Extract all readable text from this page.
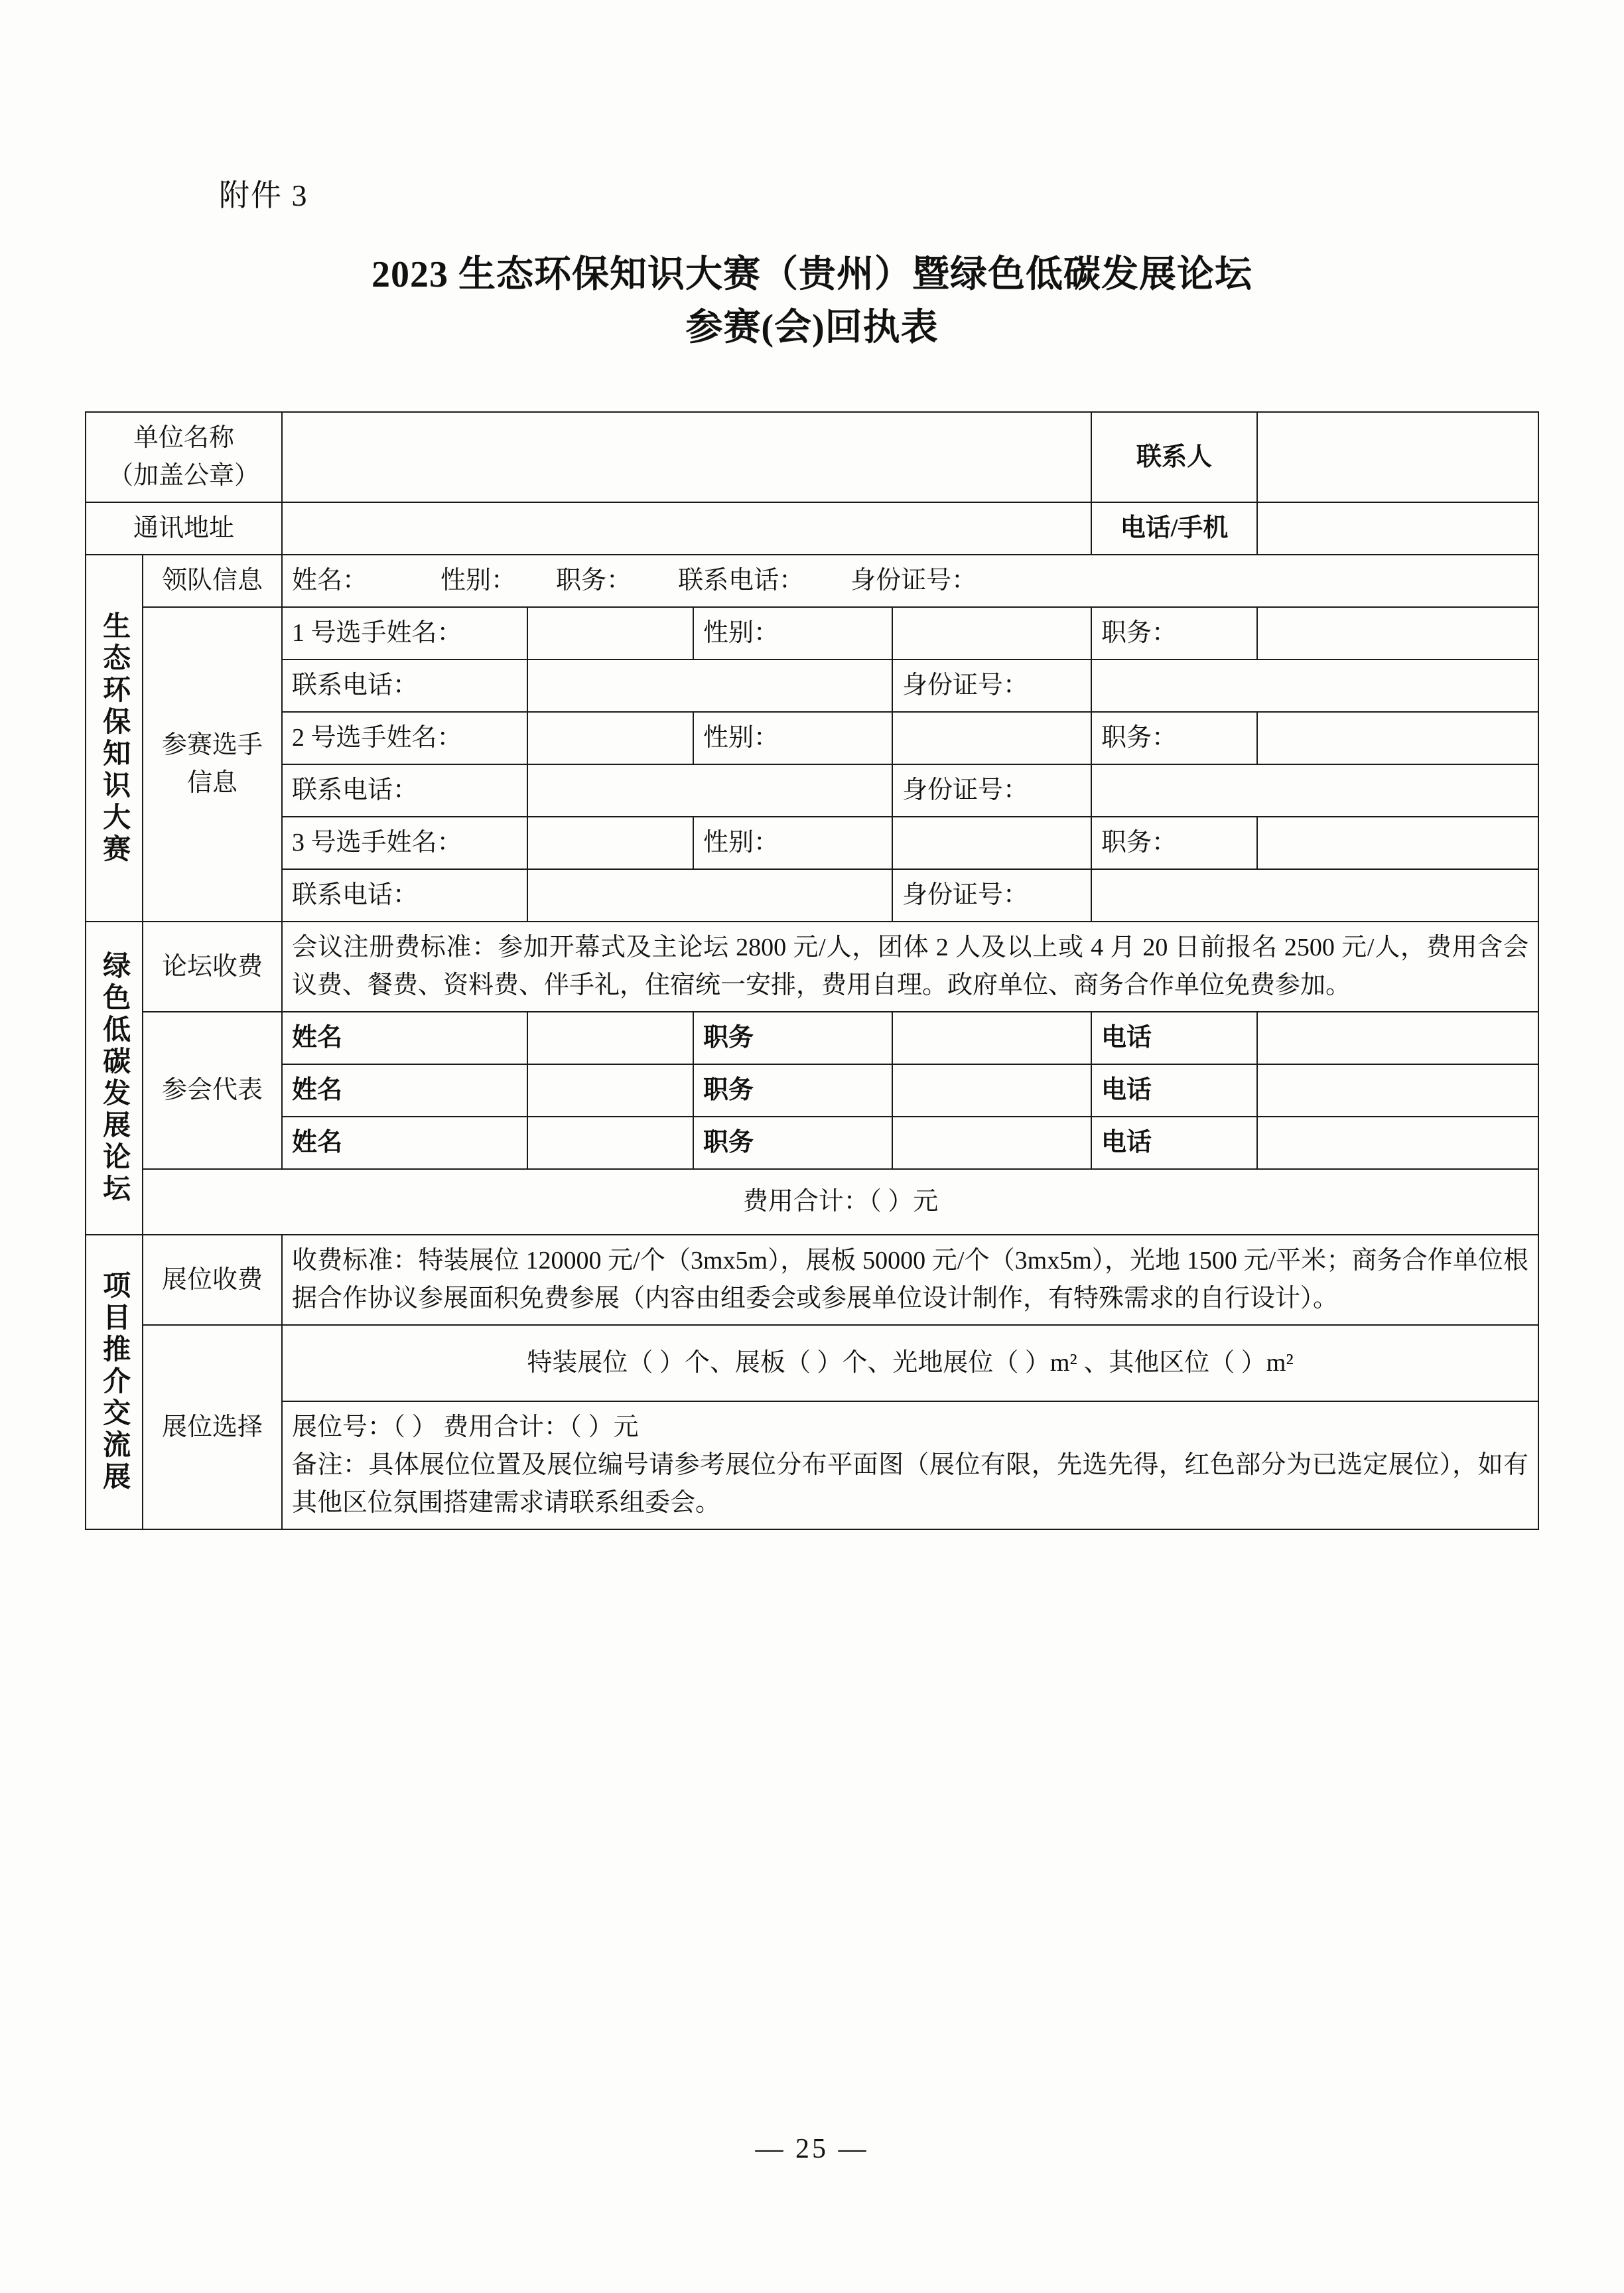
附件 3
2023 生态环保知识大赛（贵州）暨绿色低碳发展论坛
参赛(会)回执表
单位名称
（加盖公章）						联系人	
通讯地址						电话/手机	

生态环保知识大赛	领队信息	姓名： 性别： 职务： 联系电话： 身份证号：					

	参赛选手
信息	1 号选手姓名：		性别：		职务：	
		联系电话：			身份证号：		
		2 号选手姓名：		性别：		职务：	
		联系电话：			身份证号：		
		3 号选手姓名：		性别：		职务：	
		联系电话：			身份证号：		

绿色低碳发展论坛	论坛收费	会议注册费标准：参加开幕式及主论坛 2800 元/人，团体 2 人及以上或 4 月 20 日前报名 2500 元/人，费用含会议费、餐费、资料费、伴手礼，住宿统一安排，费用自理。政府单位、商务合作单位免费参加。					
	参会代表	姓名		职务		电话	
		姓名		职务		电话	
		姓名		职务		电话	
	费用合计：（ ）元						

项目推介交流展	展位收费	收费标准：特装展位 120000 元/个（3mx5m），展板 50000 元/个（3mx5m），光地 1500 元/平米；商务合作单位根据合作协议参展面积免费参展（内容由组委会或参展单位设计制作，有特殊需求的自行设计）。					
	展位选择	特装展位（ ）个、展板（ ）个、光地展位（ ）m² 、其他区位（ ）m²					

		展位号：（ ） 费用合计：（ ）元
备注：具体展位位置及展位编号请参考展位分布平面图（展位有限，先选先得，红色部分为已选定展位），如有其他区位氛围搭建需求请联系组委会。					
— 25 —
